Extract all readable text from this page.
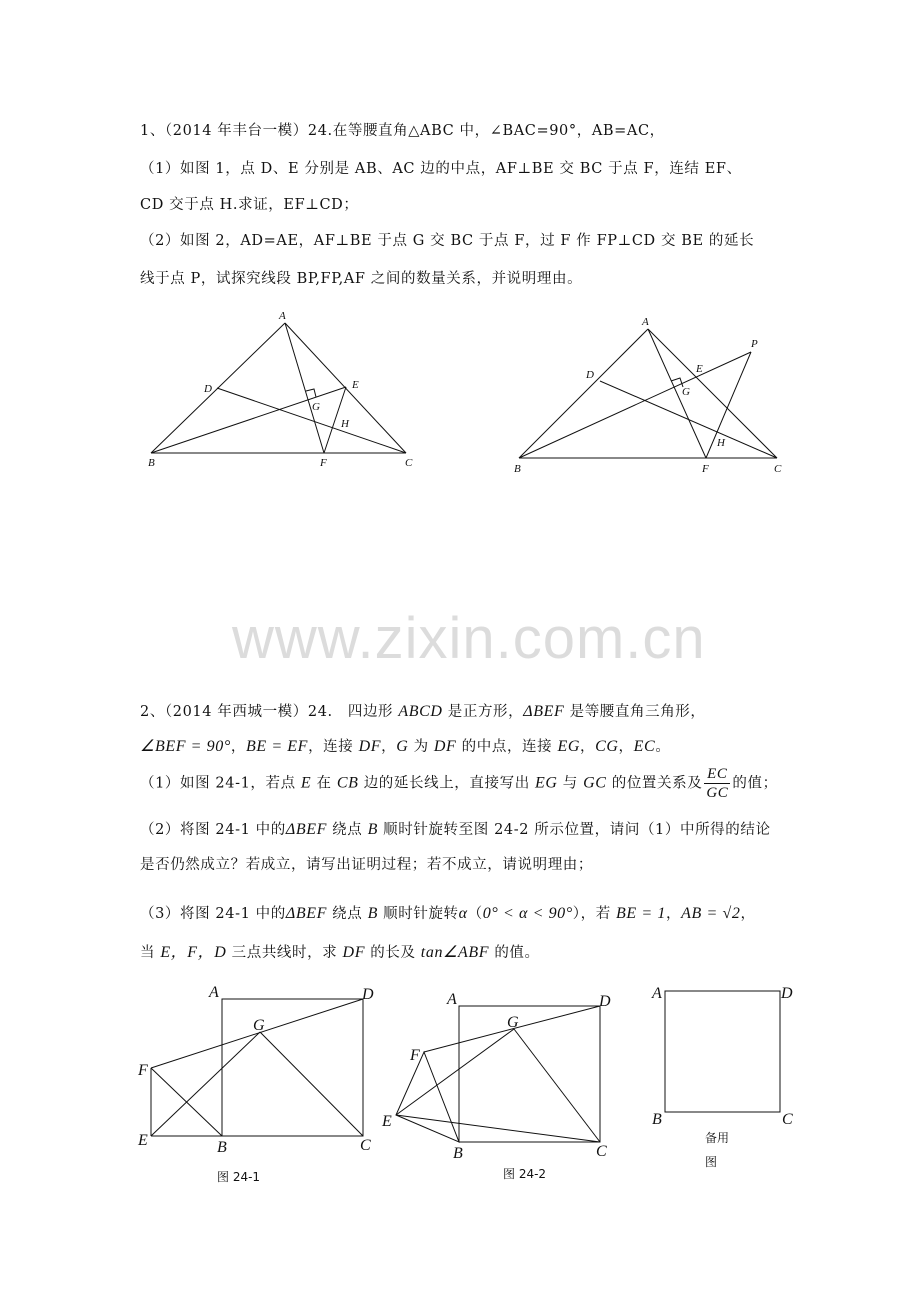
1、（2014 年丰台一模）24.在等腰直角△ABC 中，∠BAC=90°，AB=AC，
（1）如图 1，点 D、E 分别是 AB、AC 边的中点，AF⊥BE 交 BC 于点 F，连结 EF、
CD 交于点 H.求证，EF⊥CD；
（2）如图 2，AD=AE，AF⊥BE 于点 G 交 BC 于点 F，过 F 作 FP⊥CD 交 BE 的延长
线于点 P，试探究线段 BP,FP,AF 之间的数量关系，并说明理由。
A
B	C
D	E
F
G
H
A
B	C
D	E
F
G
H
P
www.zixin.com.cn
2、（2014 年西城一模）24.　四边形 ABCD 是正方形，ΔBEF 是等腰直角三角形，
∠BEF = 90°，BE = EF，连接 DF，G 为 DF 的中点，连接 EG，CG，EC。
（1）如图 24-1，若点 E 在 CB 边的延长线上，直接写出 EG 与 GC 的位置关系及 $\frac{EC}{GC}$ 的值；
（2）将图 24-1 中的ΔBEF 绕点 B 顺时针旋转至图 24-2 所示位置，请问（1）中所得的结论
是否仍然成立？若成立，请写出证明过程；若不成立，请说明理由；
（3）将图 24-1 中的ΔBEF 绕点 B 顺时针旋转α（0° < α < 90°），若 BE = 1，AB = √2，
当 E，F，D 三点共线时，求 DF 的长及 tan∠ABF 的值。
A
B	C
D
E
F
G
图 24-1
A
B	C
D
E
F
G
图 24-2
A
B	C
D
备用
图
